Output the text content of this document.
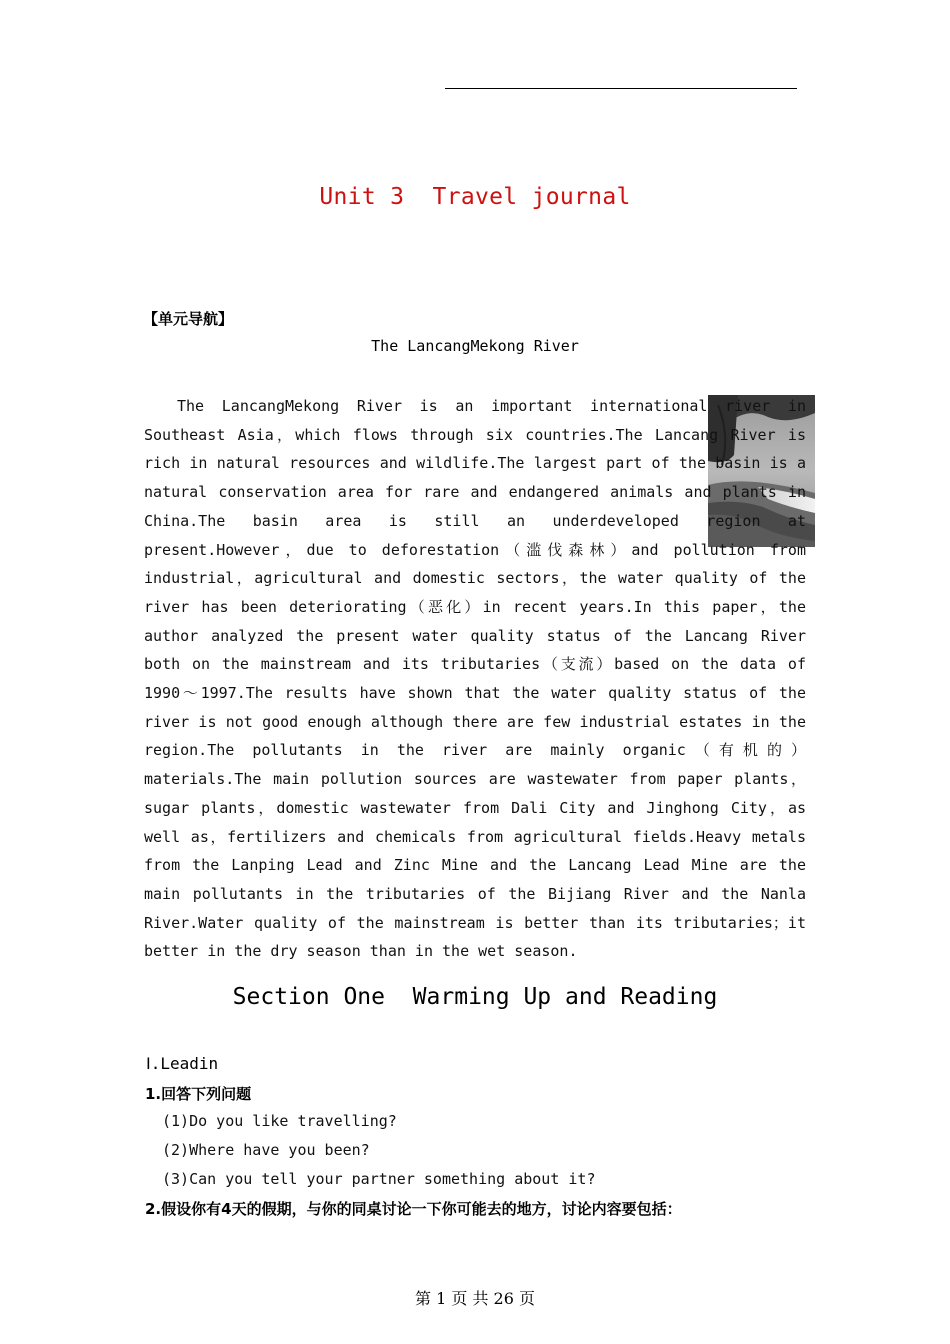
Unit 3  Travel journal
【单元导航】
The LancangMekong River

The LancangMekong River is an important international river in Southeast Asia，which flows through six countries.The Lancang River is rich in natural resources and wildlife.The largest part of the basin is a natural conservation area for rare and endangered animals and plants in China.The basin area is still an underdeveloped region at present.However，due to deforestation（滥伐森林）and pollution from industrial，agricultural and domestic sectors，the water quality of the river has been deteriorating（恶化）in recent years.In this paper，the author analyzed the present water quality status of the Lancang River both on the mainstream and its tributaries（支流）based on the data of 1990～1997.The results have shown that the water quality status of the river is not good enough although there are few industrial estates in the region.The pollutants in the river are mainly organic（有机的）materials.The main pollution sources are wastewater from paper plants，sugar plants，domestic wastewater from Dali City and Jinghong City，as well as，fertilizers and chemicals from agricultural fields.Heavy metals from the Lanping Lead and Zinc Mine and the Lancang Lead Mine are the main pollutants in the tributaries of the Bijiang River and the Nanla River.Water quality of the mainstream is better than its tributaries；it better in the dry season than in the wet season.

Section One  Warming Up and Reading
Ⅰ.Leadin
1.回答下列问题
(1)Do you like travelling?
(2)Where have you been?
(3)Can you tell your partner something about it?
2.假设你有4天的假期，与你的同桌讨论一下你可能去的地方，讨论内容要包括：
第 1 页 共 26 页
